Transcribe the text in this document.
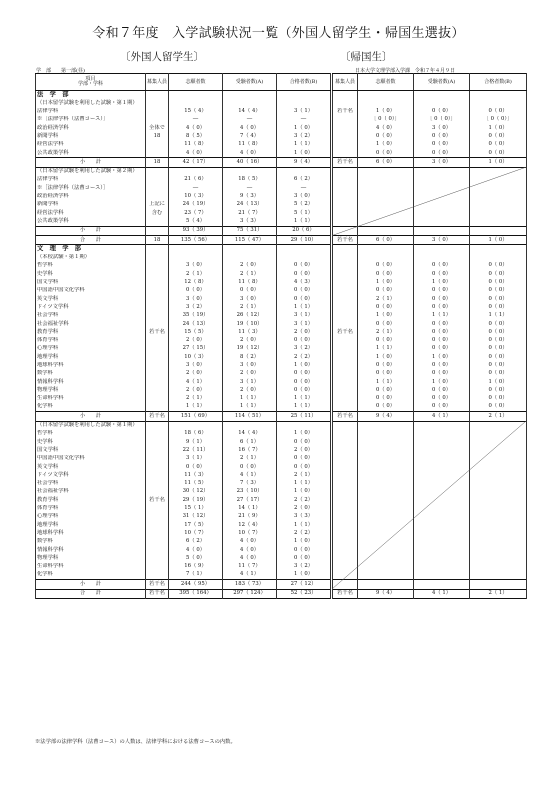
令和７年度　入学試験状況一覧（外国人留学生・帰国生選抜）
〔外国人留学生〕	〔帰国生〕
学　部　　第一部(昼)	日本大学文理学部入学課　令和７年４月９日
項目
学部・学科	募集人員	志願者数	受験者数(A)	合格者数(B)
法　学　部				
（日本留学試験を利用した試験・第１期）				
法律学科		15（ 4）	14（ 4）	3（ 1）
※［法律学科（法曹コース）］		―	―	―
政治経済学科	全体で	4（ 0）	4（ 0）	1（ 0）
新聞学科	18	8（ 5）	7（ 4）	3（ 2）
経営法学科		11（ 8）	11（ 8）	1（ 1）
公共政策学科		4（ 0）	4（ 0）	1（ 0）
小　　計	18	42（ 17）	40（ 16）	9（ 4）
（日本留学試験を利用した試験・第２期）				
法律学科		21（ 6）	18（ 5）	6（ 2）
※［法律学科（法曹コース）］		―	―	―
政治経済学科		10（ 3）	9（ 3）	3（ 0）
新聞学科	上記に	24（ 19）	24（ 13）	5（ 2）
経営法学科	含む	23（ 7）	21（ 7）	5（ 1）
公共政策学科		5（ 4）	3（ 3）	1（ 1）
小　　計		93（ 39）	75（ 31）	20（ 6）
合　　計	18	135（ 56）	115（ 47）	29（ 10）
文　理　学　部				
（本校試験・第１期）				
哲学科		3（ 0）	2（ 0）	0（ 0）
史学科		2（ 1）	2（ 1）	0（ 0）
国文学科		12（ 8）	11（ 8）	4（ 3）
中国語中国文化学科		0（ 0）	0（ 0）	0（ 0）
英文学科		3（ 0）	3（ 0）	0（ 0）
ドイツ文学科		3（ 2）	2（ 1）	1（ 1）
社会学科		35（ 19）	26（ 12）	3（ 1）
社会福祉学科		24（ 13）	19（ 10）	3（ 1）
教育学科	若干名	15（ 5）	11（ 3）	2（ 0）
体育学科		2（ 0）	2（ 0）	0（ 0）
心理学科		27（ 15）	19（ 12）	3（ 2）
地理学科		10（ 3）	8（ 2）	2（ 2）
地球科学科		3（ 0）	3（ 0）	1（ 0）
数学科		2（ 0）	2（ 0）	0（ 0）
情報科学科		4（ 1）	3（ 1）	0（ 0）
物理学科		2（ 0）	2（ 0）	0（ 0）
生命科学科		2（ 1）	1（ 1）	1（ 1）
化学科		1（ 1）	1（ 1）	1（ 1）
小　　計	若干名	151（ 69）	114（ 51）	25（ 11）
（日本留学試験を利用した試験・第１期）				
哲学科		18（ 6）	14（ 4）	1（ 0）
史学科		9（ 1）	6（ 1）	0（ 0）
国文学科		22（ 11）	16（ 7）	2（ 0）
中国語中国文化学科		3（ 1）	2（ 1）	0（ 0）
英文学科		0（ 0）	0（ 0）	0（ 0）
ドイツ文学科		11（ 3）	4（ 1）	2（ 1）
社会学科		11（ 5）	7（ 3）	1（ 1）
社会福祉学科		30（ 12）	23（ 10）	1（ 0）
教育学科	若干名	29（ 19）	27（ 17）	2（ 2）
体育学科		15（ 1）	14（ 1）	2（ 0）
心理学科		31（ 12）	21（ 9）	3（ 3）
地理学科		17（ 5）	12（ 4）	1（ 1）
地球科学科		10（ 7）	10（ 7）	2（ 2）
数学科		6（ 2）	4（ 0）	1（ 0）
情報科学科		4（ 0）	4（ 0）	0（ 0）
物理学科		5（ 0）	4（ 0）	0（ 0）
生命科学科		16（ 9）	11（ 7）	3（ 2）
化学科		7（ 1）	4（ 1）	1（ 0）
小　　計	若干名	244（ 95）	183（ 73）	27（ 12）
合　　計	若干名	395（ 164）	297（ 124）	52（ 23）
募集人員	志願者数	受験者数(A)	合格者数(B)

若干名	1（ 0）	0（ 0）	0（ 0）
	［ 0（ 0）］	［ 0（ 0）］	［ 0（ 0）］
	4（ 0）	3（ 0）	1（ 0）
	0（ 0）	0（ 0）	0（ 0）
	1（ 0）	0（ 0）	0（ 0）
	0（ 0）	0（ 0）	0（ 0）
若干名	6（ 0）	3（ 0）	1（ 0）

若干名	6（ 0）	3（ 0）	1（ 0）

	0（ 0）	0（ 0）	0（ 0）
	0（ 0）	0（ 0）	0（ 0）
	1（ 0）	1（ 0）	0（ 0）
	0（ 0）	0（ 0）	0（ 0）
	2（ 1）	0（ 0）	0（ 0）
	0（ 0）	0（ 0）	0（ 0）
	1（ 0）	1（ 1）	1（ 1）
	0（ 0）	0（ 0）	0（ 0）
若干名	2（ 1）	0（ 0）	0（ 0）
	0（ 0）	0（ 0）	0（ 0）
	1（ 1）	0（ 0）	0（ 0）
	1（ 0）	1（ 0）	0（ 0）
	0（ 0）	0（ 0）	0（ 0）
	0（ 0）	0（ 0）	0（ 0）
	1（ 1）	1（ 0）	1（ 0）
	0（ 0）	0（ 0）	0（ 0）
	0（ 0）	0（ 0）	0（ 0）
	0（ 0）	0（ 0）	0（ 0）
若干名	9（ 4）	4（ 1）	2（ 1）

若干名	9（ 4）	4（ 1）	2（ 1）
※法学部の法律学科（法曹コース）の人数は、法律学科における法曹コースの内数。
